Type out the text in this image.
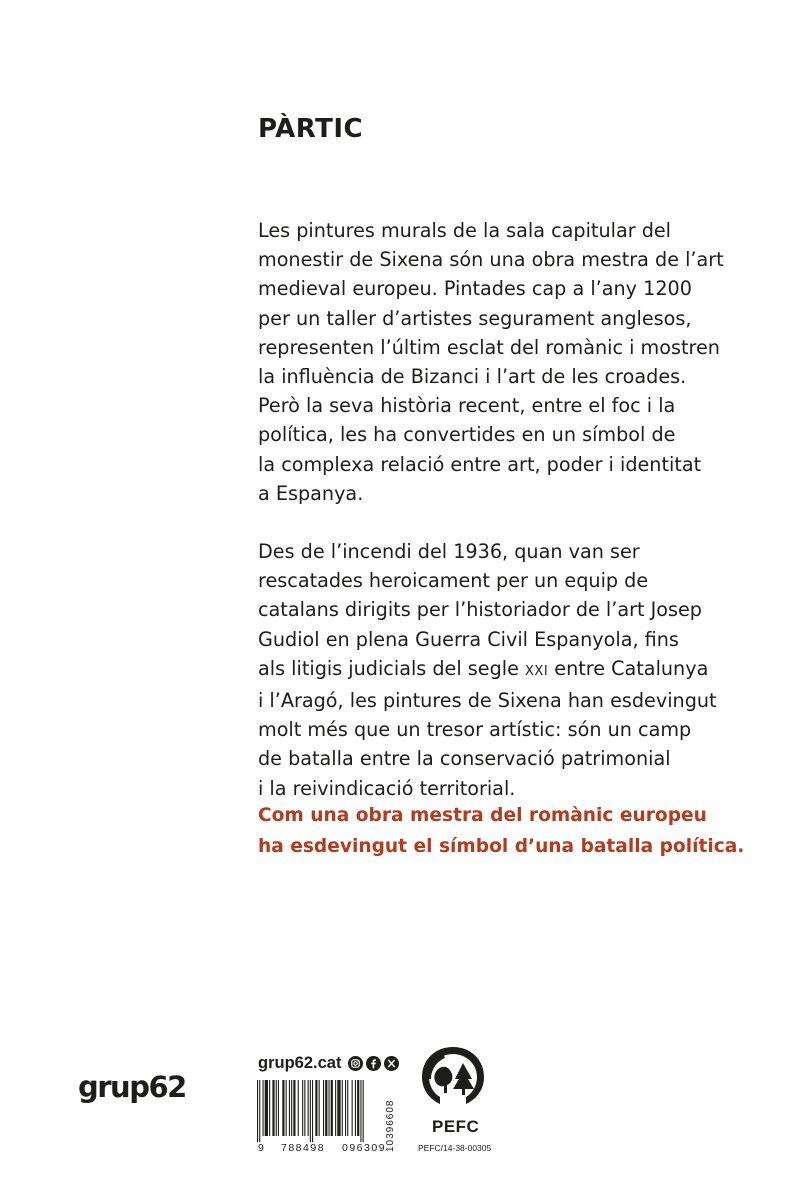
PÀRTIC
Les pintures murals de la sala capitular del
monestir de Sixena són una obra mestra de l’art
medieval europeu. Pintades cap a l’any 1200
per un taller d’artistes segurament anglesos,
representen l’últim esclat del romànic i mostren
la influència de Bizanci i l’art de les croades.
Però la seva història recent, entre el foc i la
política, les ha convertides en un símbol de
la complexa relació entre art, poder i identitat
a Espanya.
Des de l’incendi del 1936, quan van ser
rescatades heroicament per un equip de
catalans dirigits per l’historiador de l’art Josep
Gudiol en plena Guerra Civil Espanyola, fins
als litigis judicials del segle XXI entre Catalunya
i l’Aragó, les pintures de Sixena han esdevingut
molt més que un tresor artístic: són un camp
de batalla entre la conservació patrimonial
i la reivindicació territorial.
Com una obra mestra del romànic europeu
ha esdevingut el símbol d’una batalla política.
grup62
grup62.cat
9 788498 096309
10396608 PEFC
PEFC/14-38-00305
